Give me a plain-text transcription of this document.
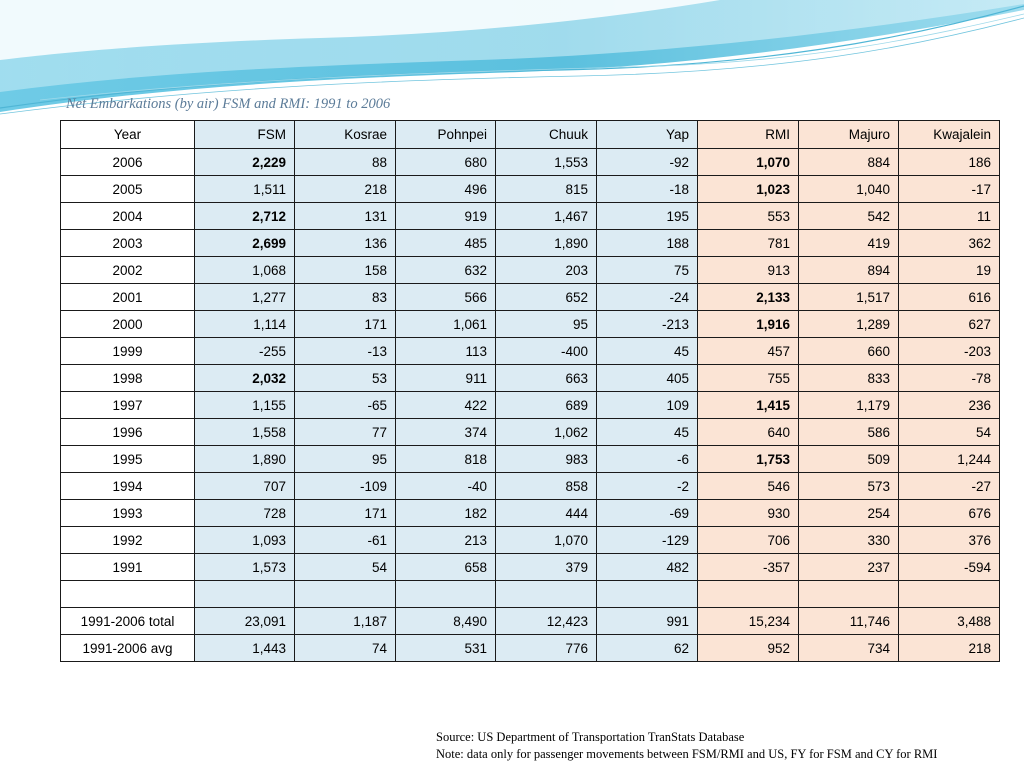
Net Embarkations (by air) FSM and RMI: 1991 to 2006
Year	FSM	Kosrae	Pohnpei	Chuuk	Yap	RMI	Majuro	Kwajalein
2006	2,229	88	680	1,553	-92	1,070	884	186
2005	1,511	218	496	815	-18	1,023	1,040	-17
2004	2,712	131	919	1,467	195	553	542	11
2003	2,699	136	485	1,890	188	781	419	362
2002	1,068	158	632	203	75	913	894	19
2001	1,277	83	566	652	-24	2,133	1,517	616
2000	1,114	171	1,061	95	-213	1,916	1,289	627
1999	-255	-13	113	-400	45	457	660	-203
1998	2,032	53	911	663	405	755	833	-78
1997	1,155	-65	422	689	109	1,415	1,179	236
1996	1,558	77	374	1,062	45	640	586	54
1995	1,890	95	818	983	-6	1,753	509	1,244
1994	707	-109	-40	858	-2	546	573	-27
1993	728	171	182	444	-69	930	254	676
1992	1,093	-61	213	1,070	-129	706	330	376
1991	1,573	54	658	379	482	-357	237	-594

1991-2006 total	23,091	1,187	8,490	12,423	991	15,234	11,746	3,488
1991-2006 avg	1,443	74	531	776	62	952	734	218
Source: US Department of Transportation TranStats Database
Note: data only for passenger movements between FSM/RMI and US, FY for FSM and CY for RMI
